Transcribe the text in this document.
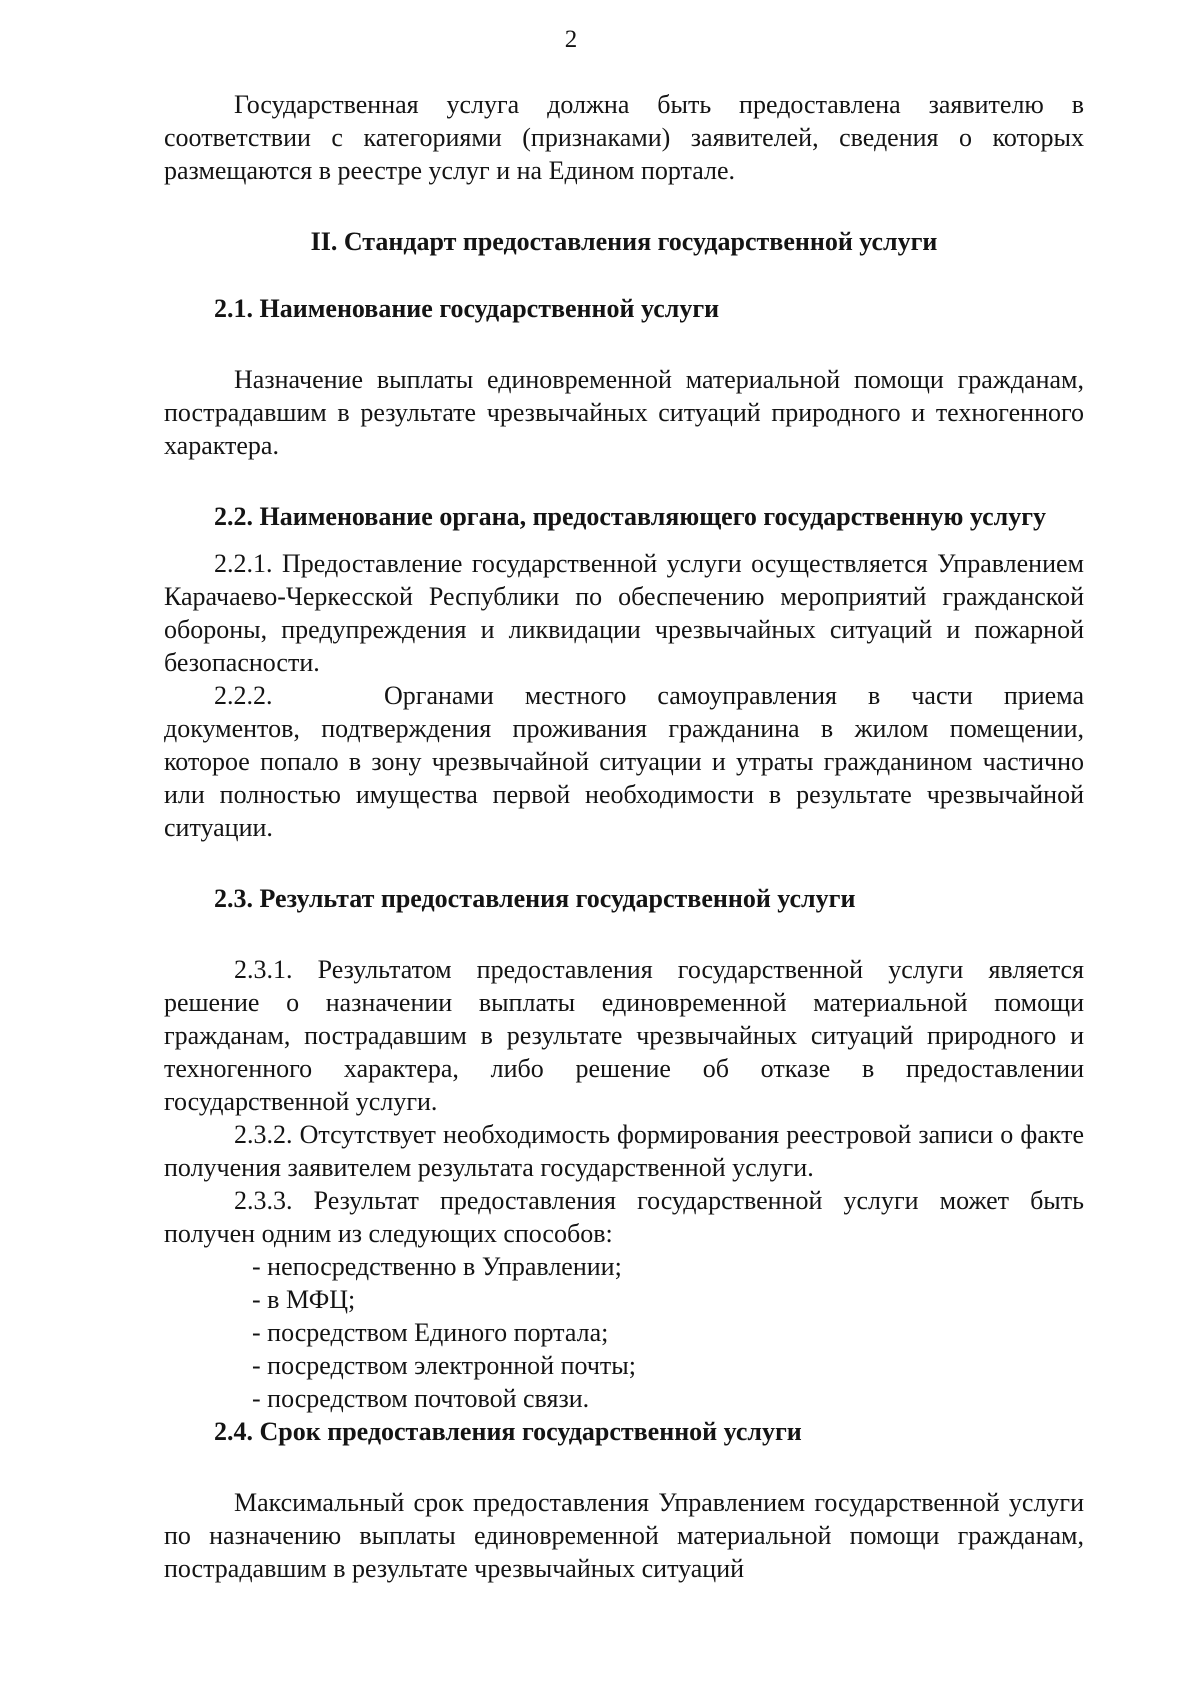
2

Государственная услуга должна быть предоставлена заявителю в соответствии с категориями (признаками) заявителей, сведения о которых размещаются в реестре услуг и на Едином портале.

II. Стандарт предоставления государственной услуги
2.1. Наименование государственной услуги

Назначение выплаты единовременной материальной помощи гражданам, пострадавшим в результате чрезвычайных ситуаций природного и техногенного характера.

2.2. Наименование органа, предоставляющего государственную услугу

2.2.1. Предоставление государственной услуги осуществляется Управлением Карачаево-Черкесской Республики по обеспечению мероприятий гражданской обороны, предупреждения и ликвидации чрезвычайных ситуаций и пожарной безопасности.

2.2.2.	Органами местного самоуправления в части приема документов, подтверждения проживания гражданина в жилом помещении, которое попало в зону чрезвычайной ситуации и утраты гражданином частично или полностью имущества первой необходимости в результате чрезвычайной ситуации.

2.3. Результат предоставления государственной услуги

2.3.1. Результатом предоставления государственной услуги является решение о назначении выплаты единовременной материальной помощи гражданам, пострадавшим в результате чрезвычайных ситуаций природного и техногенного характера, либо решение об отказе в предоставлении государственной услуги.

2.3.2. Отсутствует необходимость формирования реестровой записи о факте получения заявителем результата государственной услуги.

2.3.3. Результат предоставления государственной услуги может быть получен одним из следующих способов:

- непосредственно в Управлении;
- в МФЦ;
- посредством Единого портала;
- посредством электронной почты;
- посредством почтовой связи.
2.4. Срок предоставления государственной услуги

Максимальный срок предоставления Управлением государственной услуги по назначению выплаты единовременной материальной помощи гражданам, пострадавшим в результате чрезвычайных ситуаций
